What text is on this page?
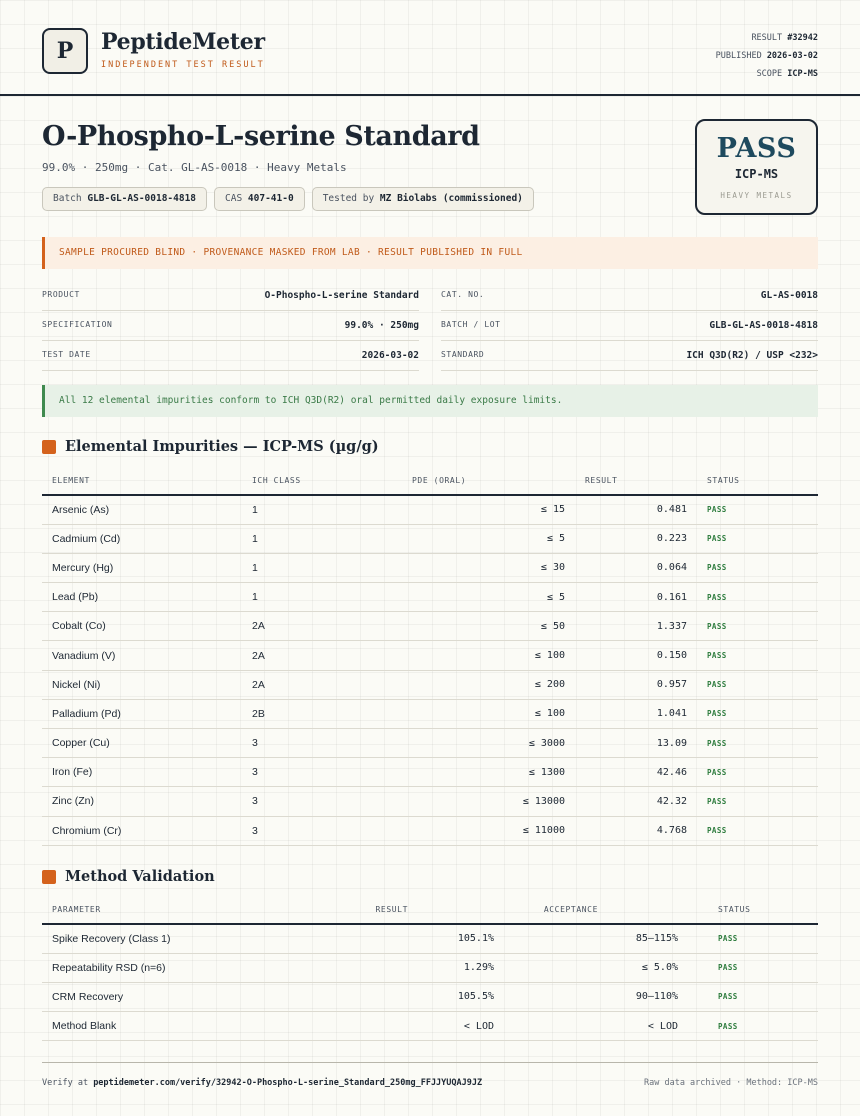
P	PeptideMeter
INDEPENDENT TEST RESULT
RESULT #32942
PUBLISHED 2026-03-02
SCOPE ICP-MS
O-Phospho-L-serine Standard
99.0% · 250mg · Cat. GL-AS-0018 · Heavy Metals
Batch GLB-GL-AS-0018-4818	CAS 407-41-0	Tested by MZ Biolabs (commissioned)
PASS
ICP-MS
HEAVY METALS
SAMPLE PROCURED BLIND · PROVENANCE MASKED FROM LAB · RESULT PUBLISHED IN FULL
PRODUCT	O-Phospho-L-serine Standard	CAT. NO.	GL-AS-0018
SPECIFICATION	99.0% · 250mg	BATCH / LOT	GLB-GL-AS-0018-4818
TEST DATE	2026-03-02	STANDARD	ICH Q3D(R2) / USP <232>
All 12 elemental impurities conform to ICH Q3D(R2) oral permitted daily exposure limits.
Elemental Impurities — ICP-MS (µg/g)
ELEMENT	ICH CLASS	PDE (ORAL)	RESULT	STATUS
Arsenic (As)	1	≤ 15	0.481	PASS
Cadmium (Cd)	1	≤ 5	0.223	PASS
Mercury (Hg)	1	≤ 30	0.064	PASS
Lead (Pb)	1	≤ 5	0.161	PASS
Cobalt (Co)	2A	≤ 50	1.337	PASS
Vanadium (V)	2A	≤ 100	0.150	PASS
Nickel (Ni)	2A	≤ 200	0.957	PASS
Palladium (Pd)	2B	≤ 100	1.041	PASS
Copper (Cu)	3	≤ 3000	13.09	PASS
Iron (Fe)	3	≤ 1300	42.46	PASS
Zinc (Zn)	3	≤ 13000	42.32	PASS
Chromium (Cr)	3	≤ 11000	4.768	PASS
Method Validation
PARAMETER	RESULT	ACCEPTANCE	STATUS
Spike Recovery (Class 1)	105.1%	85–115%	PASS
Repeatability RSD (n=6)	1.29%	≤ 5.0%	PASS
CRM Recovery	105.5%	90–110%	PASS
Method Blank	< LOD	< LOD	PASS
Verify at peptidemeter.com/verify/32942-O-Phospho-L-serine_Standard_250mg_FFJJYUQAJ9JZ	Raw data archived · Method: ICP-MS
